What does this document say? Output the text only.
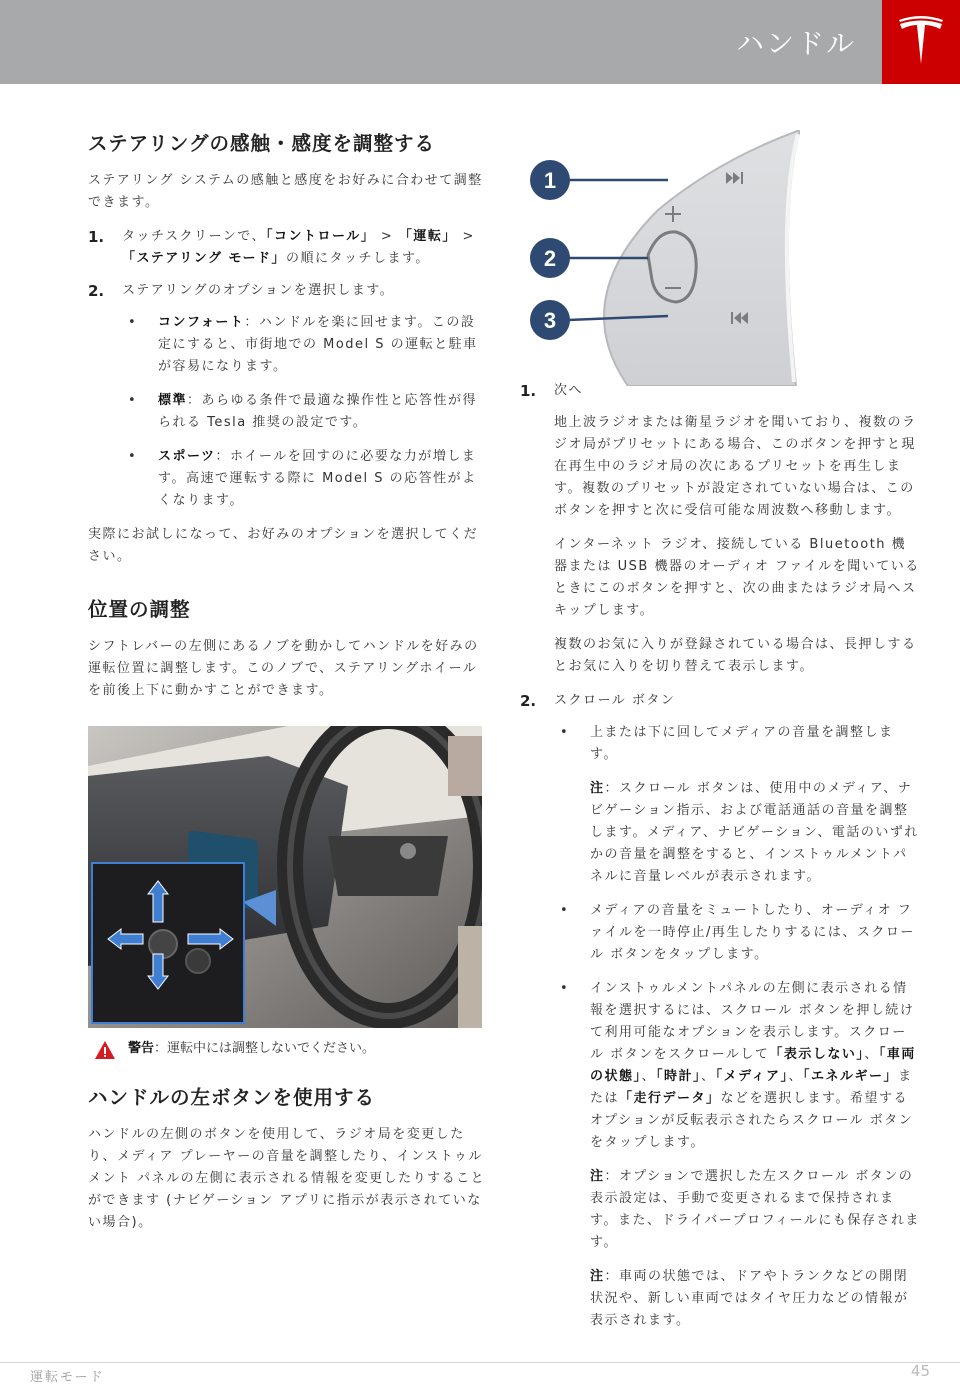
ハンドル
ステアリングの感触・感度を調整する

ステアリング システムの感触と感度をお好みに合わせて調整できます。

1. タッチスクリーンで、「コントロール」 > 「運転」 > 「ステアリング モード」の順にタッチします。
2. ステアリングのオプションを選択します。
• コンフォート：ハンドルを楽に回せます。この設定にすると、市街地での Model S の運転と駐車が容易になります。
• 標準：あらゆる条件で最適な操作性と応答性が得られる Tesla 推奨の設定です。
• スポーツ：ホイールを回すのに必要な力が増します。高速で運転する際に Model S の応答性がよくなります。

実際にお試しになって、お好みのオプションを選択してください。

位置の調整

シフトレバーの左側にあるノブを動かしてハンドルを好みの運転位置に調整します。このノブで、ステアリングホイールを前後上下に動かすことができます。

警告：運転中には調整しないでください。
ハンドルの左ボタンを使用する

ハンドルの左側のボタンを使用して、ラジオ局を変更したり、メディア プレーヤーの音量を調整したり、インストゥルメント パネルの左側に表示される情報を変更したりすることができます (ナビゲーション アプリに指示が表示されていない場合)。

1
2
3
1. 次へ
地上波ラジオまたは衛星ラジオを聞いており、複数のラジオ局がプリセットにある場合、このボタンを押すと現在再生中のラジオ局の次にあるプリセットを再生します。複数のプリセットが設定されていない場合は、このボタンを押すと次に受信可能な周波数へ移動します。
インターネット ラジオ、接続している Bluetooth 機器または USB 機器のオーディオ ファイルを聞いているときにこのボタンを押すと、次の曲またはラジオ局へスキップします。
複数のお気に入りが登録されている場合は、長押しするとお気に入りを切り替えて表示します。
2. スクロール ボタン
• 上または下に回してメディアの音量を調整します。
注：スクロール ボタンは、使用中のメディア、ナビゲーション指示、および電話通話の音量を調整します。メディア、ナビゲーション、電話のいずれかの音量を調整をすると、インストゥルメントパネルに音量レベルが表示されます。
• メディアの音量をミュートしたり、オーディオ ファイルを一時停止/再生したりするには、スクロール ボタンをタップします。
• インストゥルメントパネルの左側に表示される情報を選択するには、スクロール ボタンを押し続けて利用可能なオプションを表示します。スクロール ボタンをスクロールして「表示しない」、「車両の状態」、「時計」、「メディア」、「エネルギー」または「走行データ」などを選択します。希望するオプションが反転表示されたらスクロール ボタンをタップします。
注：オプションで選択した左スクロール ボタンの表示設定は、手動で変更されるまで保持されます。また、ドライバープロフィールにも保存されます。
注：車両の状態では、ドアやトランクなどの開閉状況や、新しい車両ではタイヤ圧力などの情報が表示されます。
運転モード	45
